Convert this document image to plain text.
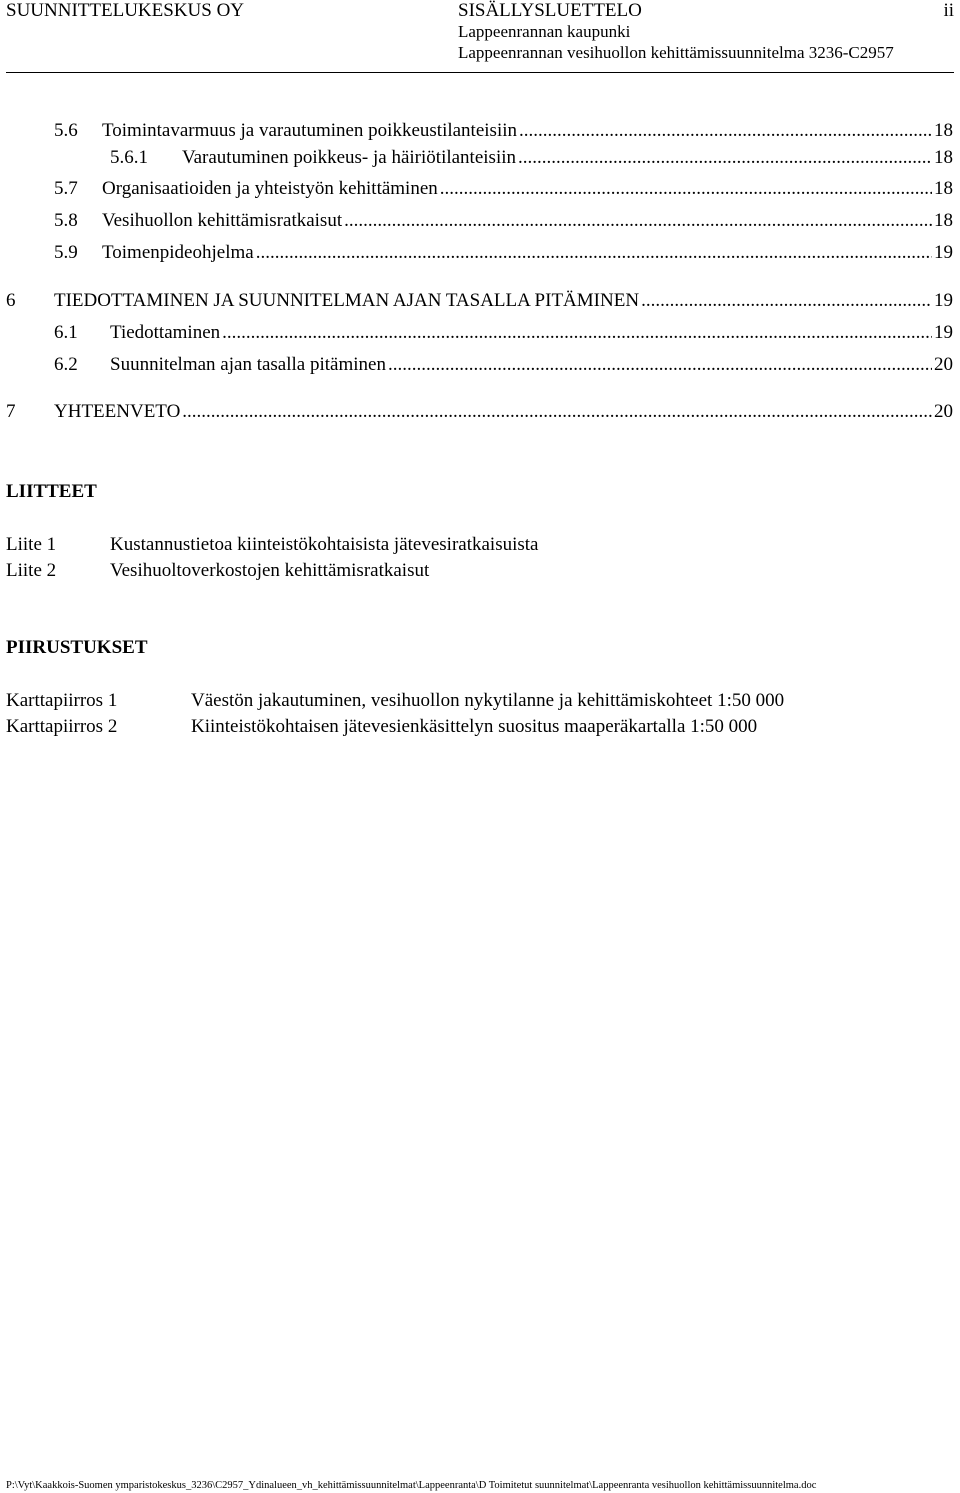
SUUNNITTELUKESKUS OY	SISÄLLYSLUETTELO
Lappeenrannan kaupunki
Lappeenrannan vesihuollon kehittämissuunnitelma 3236-C2957
ii
5.6	Toimintavarmuus ja varautuminen poikkeustilanteisiin .....	18
5.6.1	Varautuminen poikkeus- ja häiriötilanteisiin .....	18
5.7	Organisaatioiden ja yhteistyön kehittäminen .....	18
5.8	Vesihuollon kehittämisratkaisut .....	18
5.9	Toimenpideohjelma .....	19
6	TIEDOTTAMINEN JA SUUNNITELMAN AJAN TASALLA PITÄMINEN .....	19
6.1	Tiedottaminen .....	19
6.2	Suunnitelman ajan tasalla pitäminen .....	20
7	YHTEENVETO .....	20
LIITTEET
Liite 1	Kustannustietoa kiinteistökohtaisista jätevesiratkaisuista
Liite 2	Vesihuoltoverkostojen kehittämisratkaisut
PIIRUSTUKSET
Karttapiirros 1	Väestön jakautuminen, vesihuollon nykytilanne ja kehittämiskohteet 1:50 000
Karttapiirros 2	Kiinteistökohtaisen jätevesienkäsittelyn suositus maaperäkartalla 1:50 000
P:\Vyt\Kaakkois-Suomen ymparistokeskus_3236\C2957_Ydinalueen_vh_kehittämissuunnitelmat\Lappeenranta\D Toimitetut suunnitelmat\Lappeenranta vesihuollon kehittämissuunnitelma.doc
